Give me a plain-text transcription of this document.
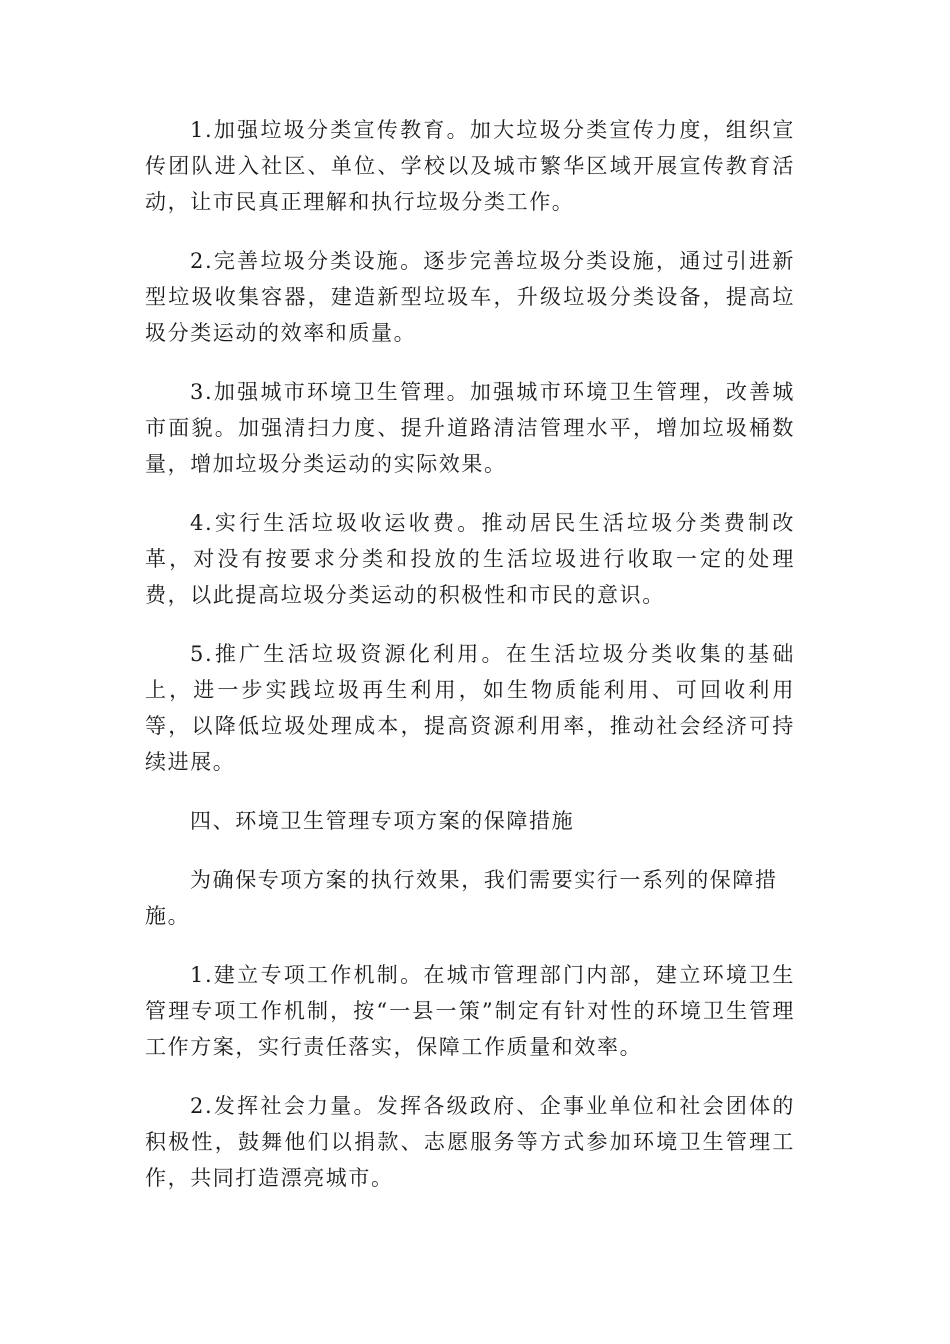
1.加强垃圾分类宣传教育。加大垃圾分类宣传力度，组织宣传团队进入社区、单位、学校以及城市繁华区域开展宣传教育活动，让市民真正理解和执行垃圾分类工作。

2.完善垃圾分类设施。逐步完善垃圾分类设施，通过引进新型垃圾收集容器，建造新型垃圾车，升级垃圾分类设备，提高垃圾分类运动的效率和质量。

3.加强城市环境卫生管理。加强城市环境卫生管理，改善城市面貌。加强清扫力度、提升道路清洁管理水平，增加垃圾桶数量，增加垃圾分类运动的实际效果。

4.实行生活垃圾收运收费。推动居民生活垃圾分类费制改革，对没有按要求分类和投放的生活垃圾进行收取一定的处理费，以此提高垃圾分类运动的积极性和市民的意识。

5.推广生活垃圾资源化利用。在生活垃圾分类收集的基础上，进一步实践垃圾再生利用，如生物质能利用、可回收利用等，以降低垃圾处理成本，提高资源利用率，推动社会经济可持续进展。

四、环境卫生管理专项方案的保障措施

为确保专项方案的执行效果，我们需要实行一系列的保障措施。

1.建立专项工作机制。在城市管理部门内部，建立环境卫生管理专项工作机制，按“一县一策”制定有针对性的环境卫生管理工作方案，实行责任落实，保障工作质量和效率。

2.发挥社会力量。发挥各级政府、企事业单位和社会团体的积极性，鼓舞他们以捐款、志愿服务等方式参加环境卫生管理工作，共同打造漂亮城市。
